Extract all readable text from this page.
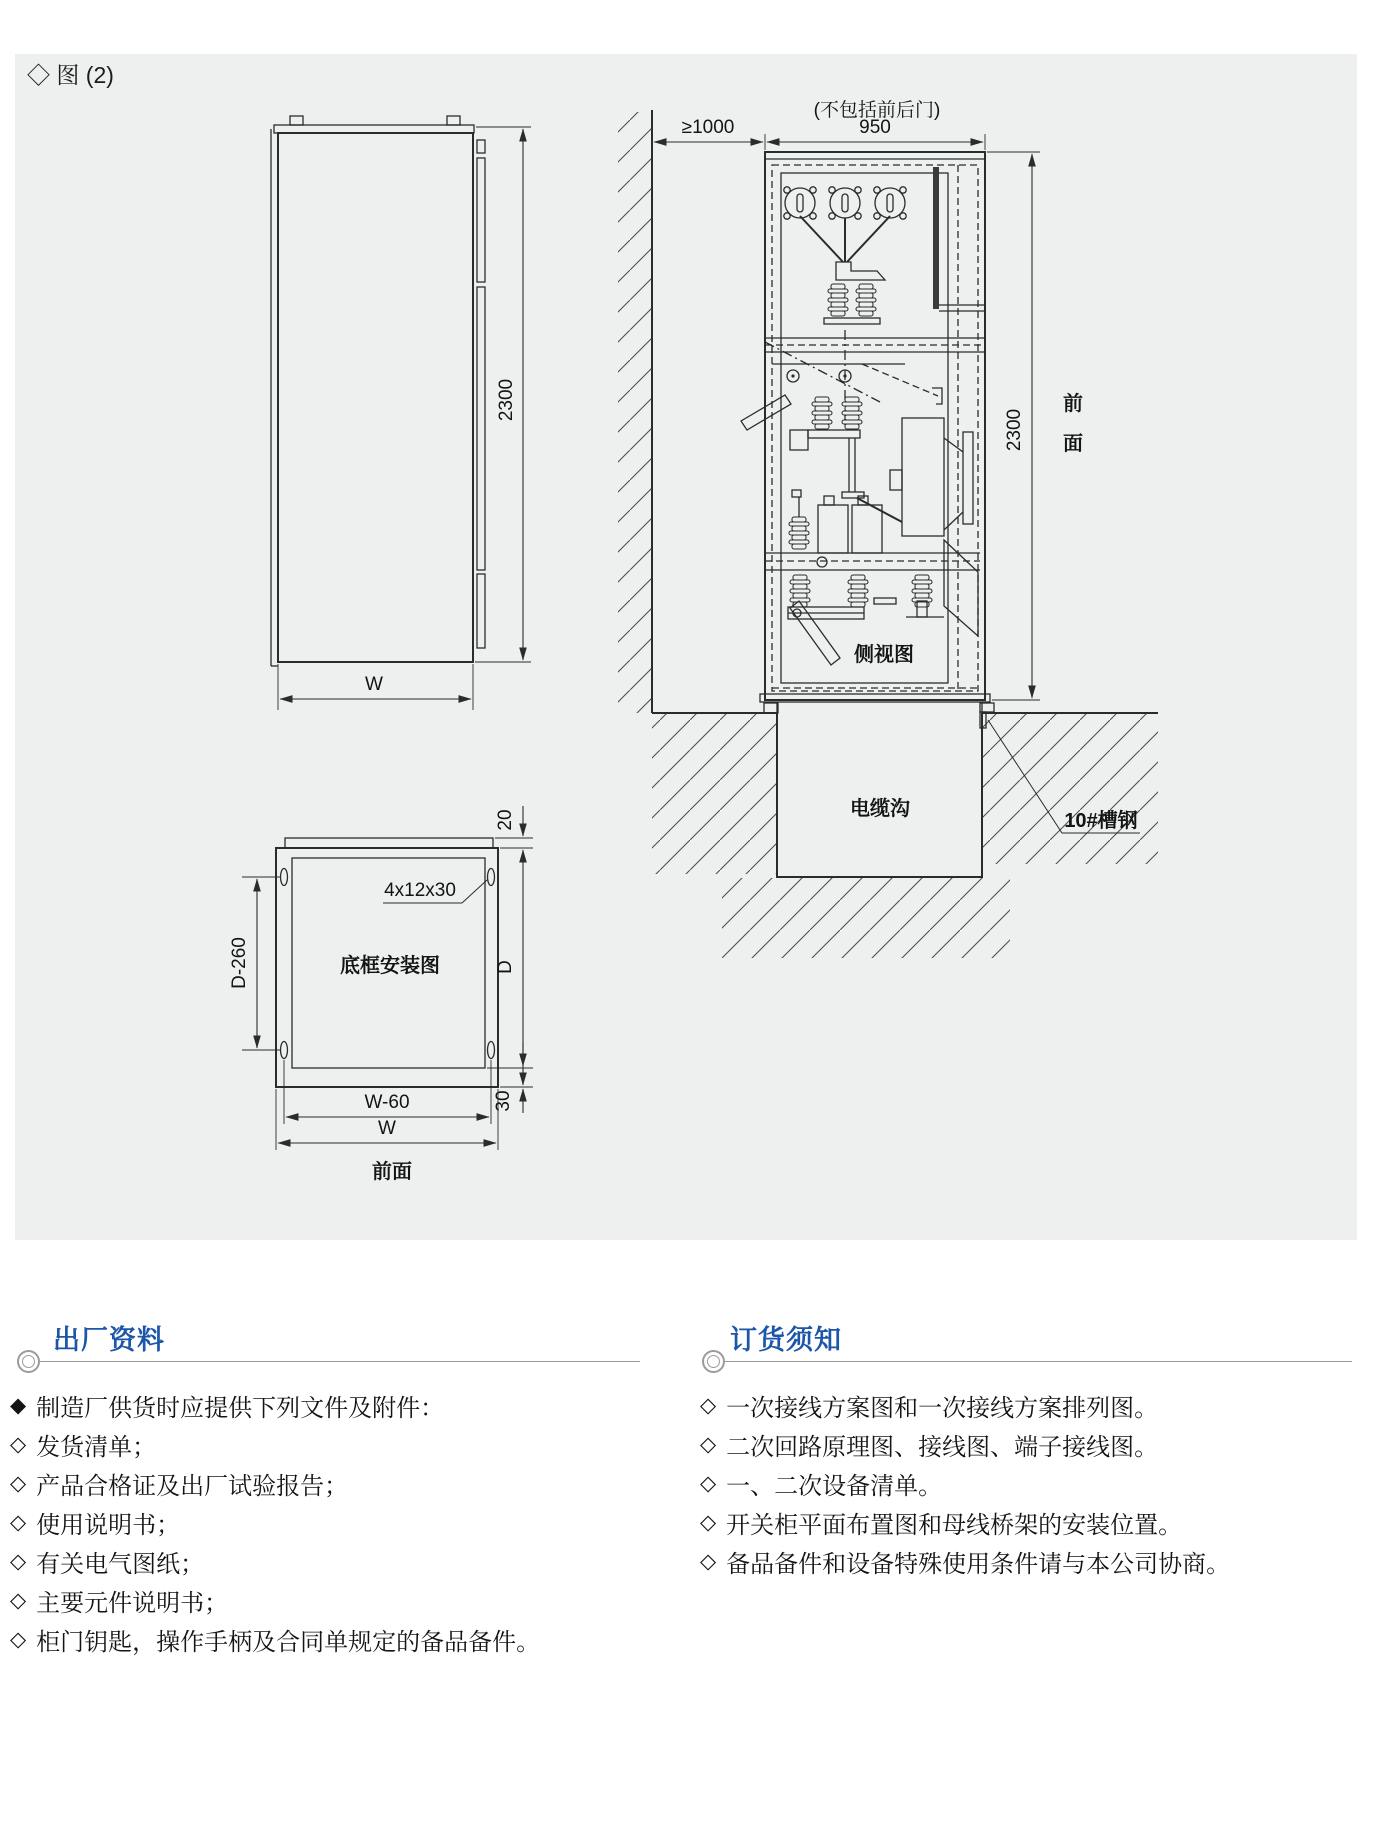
◇ 图 (2)
2300
W
电缆沟
10#槽钢
侧视图
(不包括前后门)
≥1000	950
2300
前
面
4x12x30
底框安装图
D-260
20
D
30
W-60
W
前面
出厂资料	订货须知
◆ 制造厂供货时应提供下列文件及附件：
◇ 发货清单；
◇ 产品合格证及出厂试验报告；
◇ 使用说明书；
◇ 有关电气图纸；
◇ 主要元件说明书；
◇ 柜门钥匙，操作手柄及合同单规定的备品备件。
◇ 一次接线方案图和一次接线方案排列图。
◇ 二次回路原理图、接线图、端子接线图。
◇ 一、二次设备清单。
◇ 开关柜平面布置图和母线桥架的安装位置。
◇ 备品备件和设备特殊使用条件请与本公司协商。
